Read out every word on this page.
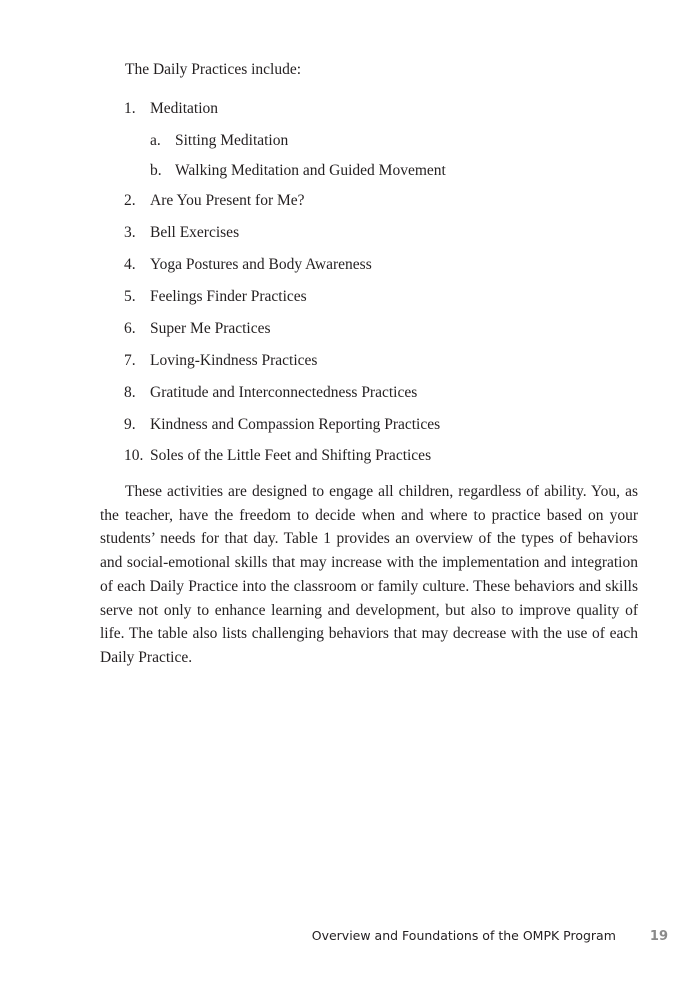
The Daily Practices include:

1. Meditation
a. Sitting Meditation
b. Walking Meditation and Guided Movement
2. Are You Present for Me?
3. Bell Exercises
4. Yoga Postures and Body Awareness
5. Feelings Finder Practices
6. Super Me Practices
7. Loving-Kindness Practices
8. Gratitude and Interconnectedness Practices
9. Kindness and Compassion Reporting Practices
10. Soles of the Little Feet and Shifting Practices

These activities are designed to engage all children, regardless of ability. You, as the teacher, have the freedom to decide when and where to practice based on your students’ needs for that day. Table 1 provides an overview of the types of behaviors and social-emotional skills that may increase with the implementation and integration of each Daily Practice into the classroom or family culture. These behaviors and skills serve not only to enhance learning and development, but also to improve quality of life. The table also lists challenging behaviors that may decrease with the use of each Daily Practice.

Overview and Foundations of the OMPK Program	19
